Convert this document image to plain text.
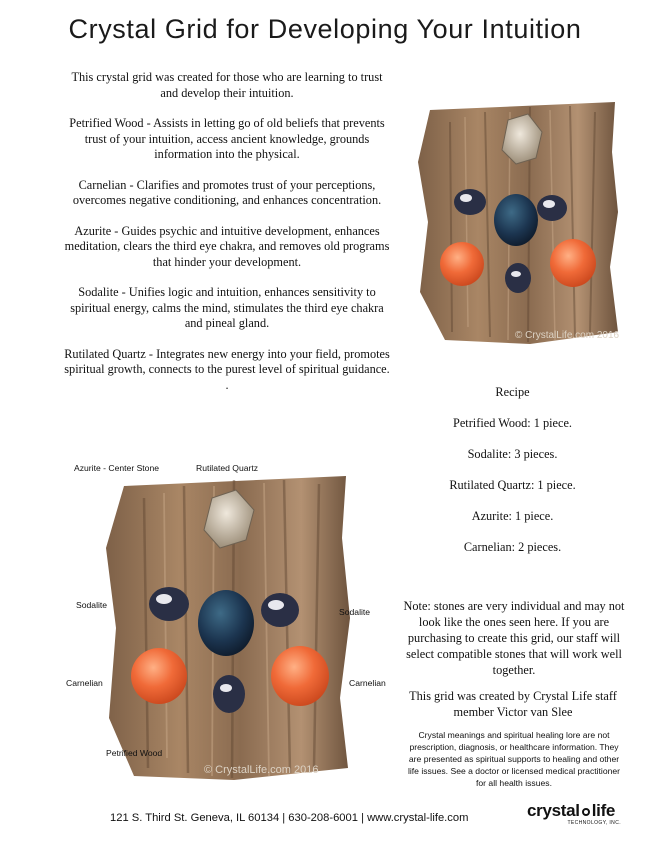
Crystal Grid for Developing Your Intuition

This crystal grid was created for those who are learning to trust and develop their intuition.

Petrified Wood - Assists in letting go of old beliefs that prevents trust of your intuition, access ancient knowledge, grounds information into the physical.

Carnelian - Clarifies and promotes trust of your perceptions, overcomes negative conditioning, and enhances concentration.

Azurite - Guides psychic and intuitive development, enhances meditation, clears the third eye chakra, and removes old programs that hinder your development.

Sodalite - Unifies logic and intuition, enhances sensitivity to spiritual energy, calms the mind, stimulates the third eye chakra and pineal gland.

Rutilated Quartz - Integrates new energy into your field, promotes spiritual growth, connects to the purest level of spiritual guidance.

.

© CrystalLife.com 2016
© CrystalLife.com 2016
Azurite - Center Stone	Rutilated Quartz
Sodalite
Sodalite
Carnelian	Carnelian
Petrified Wood
Recipe
Petrified Wood: 1 piece.
Sodalite: 3 pieces.
Rutilated Quartz: 1 piece.
Azurite: 1 piece.
Carnelian: 2 pieces.
Note: stones are very individual and may not look like the ones seen here. If you are purchasing to create this grid, our staff will select compatible stones that will work well together.
This grid was created by Crystal Life staff member Victor van Slee
Crystal meanings and spiritual healing lore are not prescription, diagnosis, or healthcare information. They are presented as spiritual supports to healing and other life issues. See a doctor or licensed medical practitioner for all health issues.
121 S. Third St. Geneva, IL 60134 | 630-208-6001 | www.crystal-life.com	crystal life
TECHNOLOGY, INC.
